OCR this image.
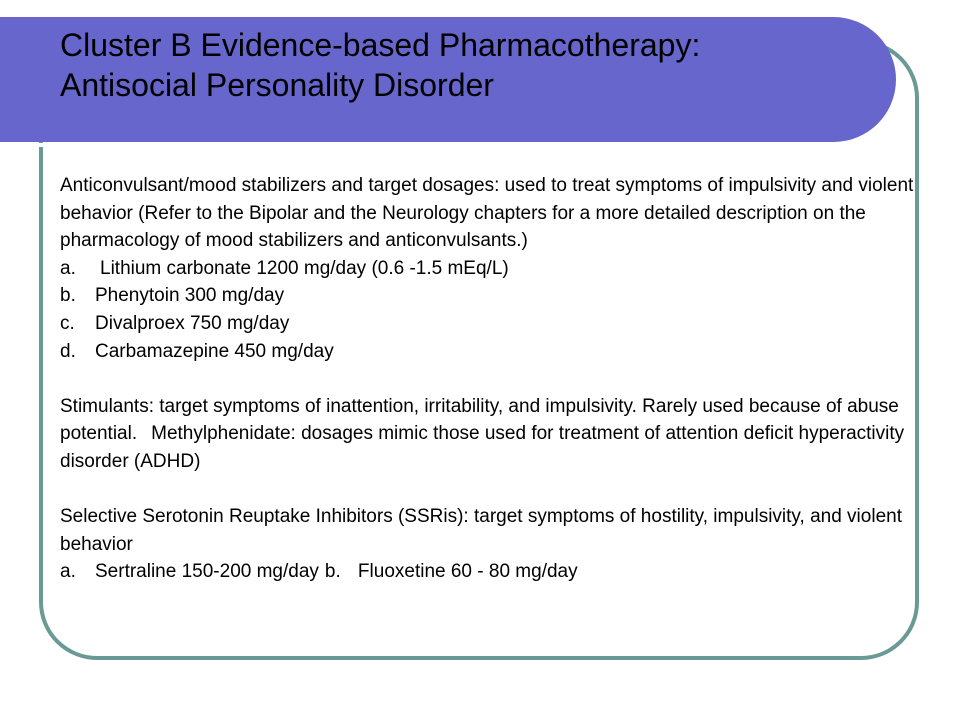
Cluster B Evidence-based Pharmacotherapy:
Antisocial Personality Disorder

Anticonvulsant/mood stabilizers and target dosages: used to treat symptoms of impulsivity and violent behavior (Refer to the Bipolar and the Neurology chapters for a more detailed description on the pharmacology of mood stabilizers and anticonvulsants.)

a.	Lithium carbonate 1200 mg/day (0.6 -1.5 mEq/L)
b.	Phenytoin 300 mg/day
c.	Divalproex 750 mg/day
d.	Carbamazepine 450 mg/day

Stimulants: target symptoms of inattention, irritability, and impulsivity. Rarely used because of abuse potential. Methylphenidate: dosages mimic those used for treatment of attention deficit hyperactivity disorder (ADHD)

Selective Serotonin Reuptake Inhibitors (SSRis): target symptoms of hostility, impulsivity, and violent behavior

a.	Sertraline 150-200 mg/day b. Fluoxetine 60 - 80 mg/day
